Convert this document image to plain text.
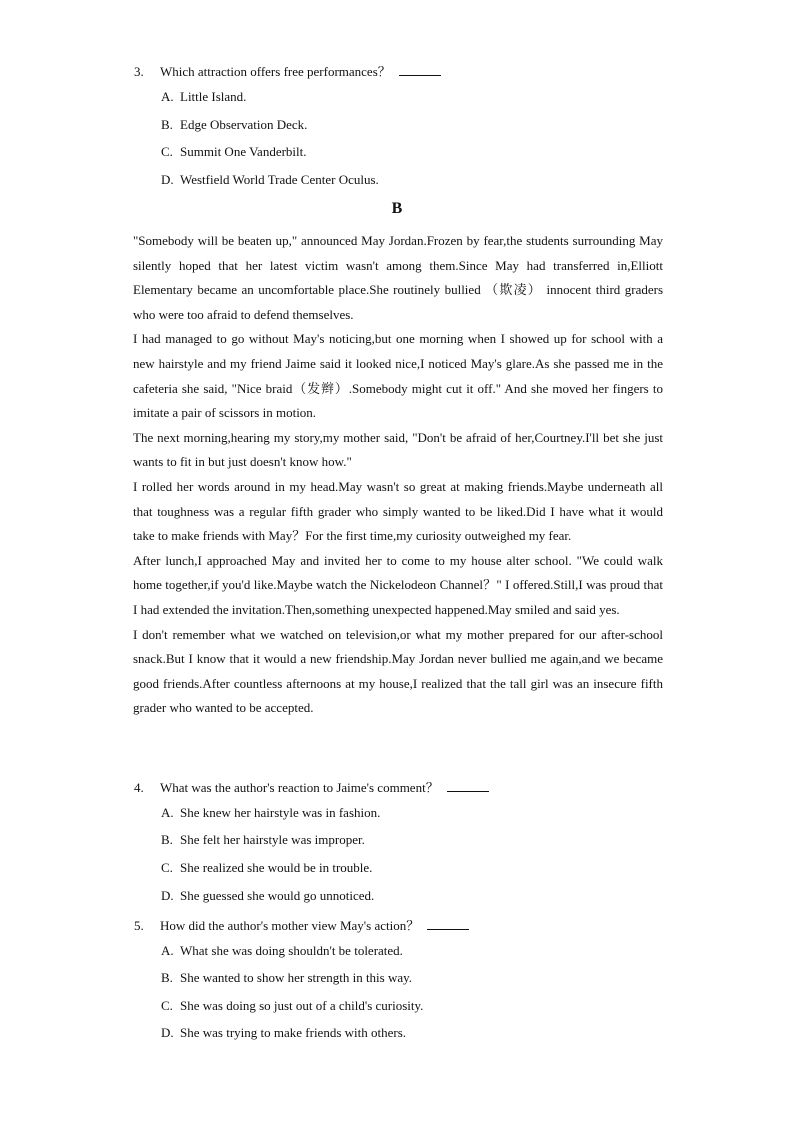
3. Which attraction offers free performances？
A. Little Island.
B. Edge Observation Deck.
C. Summit One Vanderbilt.
D. Westfield World Trade Center Oculus.
B

"Somebody will be beaten up," announced May Jordan.Frozen by fear,the students surrounding May silently hoped that her latest victim wasn't among them.Since May had transferred in,Elliott Elementary became an uncomfortable place.She routinely bullied （欺凌） innocent third graders who were too afraid to defend themselves.

I had managed to go without May's noticing,but one morning when I showed up for school with a new hairstyle and my friend Jaime said it looked nice,I noticed May's glare.As she passed me in the cafeteria she said, "Nice braid（发辫）.Somebody might cut it off." And she moved her fingers to imitate a pair of scissors in motion.

The next morning,hearing my story,my mother said, "Don't be afraid of her,Courtney.I'll bet she just wants to fit in but just doesn't know how."

I rolled her words around in my head.May wasn't so great at making friends.Maybe underneath all that toughness was a regular fifth grader who simply wanted to be liked.Did I have what it would take to make friends with May？For the first time,my curiosity outweighed my fear.

After lunch,I approached May and invited her to come to my house alter school. "We could walk home together,if you'd like.Maybe watch the Nickelodeon Channel？" I offered.Still,I was proud that I had extended the invitation.Then,something unexpected happened.May smiled and said yes.

I don't remember what we watched on television,or what my mother prepared for our after-school snack.But I know that it would a new friendship.May Jordan never bullied me again,and we became good friends.After countless afternoons at my house,I realized that the tall girl was an insecure fifth grader who wanted to be accepted.

4. What was the author's reaction to Jaime's comment？
A. She knew her hairstyle was in fashion.
B. She felt her hairstyle was improper.
C. She realized she would be in trouble.
D. She guessed she would go unnoticed.
5. How did the author's mother view May's action？
A. What she was doing shouldn't be tolerated.
B. She wanted to show her strength in this way.
C. She was doing so just out of a child's curiosity.
D. She was trying to make friends with others.
